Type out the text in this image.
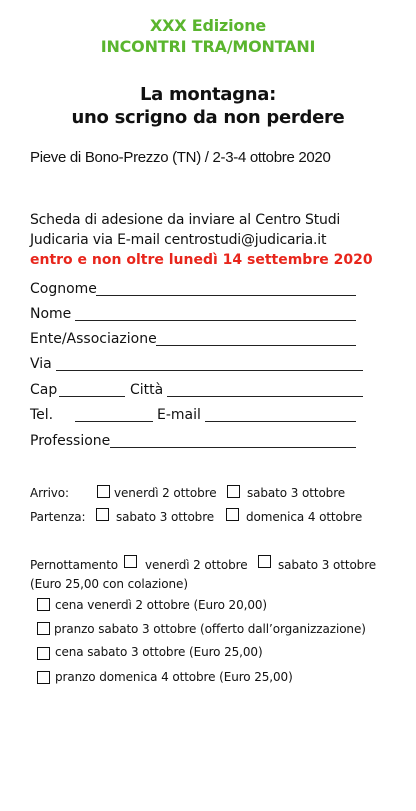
XXX Edizione
INCONTRI TRA/MONTANI
La montagna:
uno scrigno da non perdere
Pieve di Bono-Prezzo (TN) / 2-3-4 ottobre 2020
Scheda di adesione da inviare al Centro Studi
Judicaria via E-mail centrostudi@judicaria.it
entro e non oltre lunedì 14 settembre 2020
Cognome
Nome
Ente/Associazione
Via
Cap	Città
Tel.	E-mail
Professione
Arrivo:	venerdì 2 ottobre	sabato 3 ottobre
Partenza:	sabato 3 ottobre	domenica 4 ottobre
Pernottamento venerdì 2 ottobre	sabato 3 ottobre
(Euro 25,00 con colazione)
cena venerdì 2 ottobre (Euro 20,00)
pranzo sabato 3 ottobre (offerto dall’organizzazione)
cena sabato 3 ottobre (Euro 25,00)
pranzo domenica 4 ottobre (Euro 25,00)
